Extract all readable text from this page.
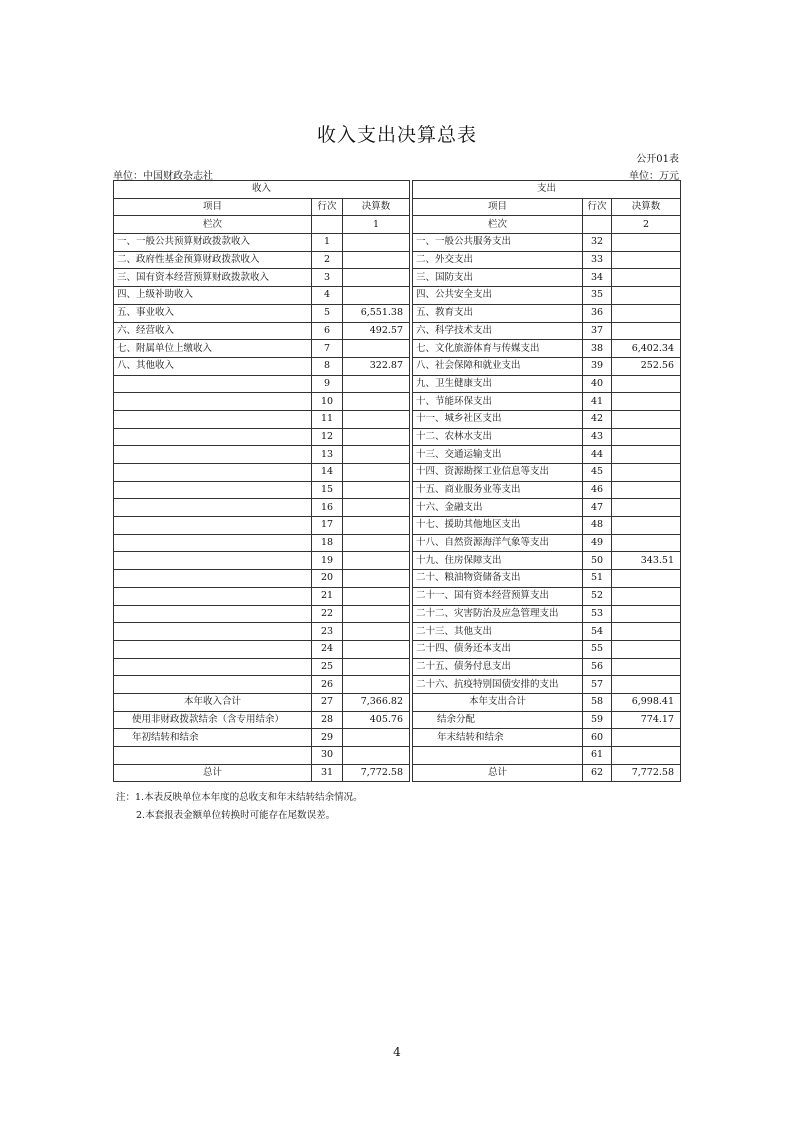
收入支出决算总表
公开01表
单位：中国财政杂志社	单位：万元
收入				支出		
项目	行次	决算数		项目	行次	决算数
栏次		1		栏次		2
一、一般公共预算财政拨款收入	1			一、一般公共服务支出	32	
二、政府性基金预算财政拨款收入	2			二、外交支出	33	
三、国有资本经营预算财政拨款收入	3			三、国防支出	34	
四、上级补助收入	4			四、公共安全支出	35	
五、事业收入	5	6,551.38		五、教育支出	36	
六、经营收入	6	492.57		六、科学技术支出	37	
七、附属单位上缴收入	7			七、文化旅游体育与传媒支出	38	6,402.34
八、其他收入	8	322.87		八、社会保障和就业支出	39	252.56
	9			九、卫生健康支出	40	
	10			十、节能环保支出	41	
	11			十一、城乡社区支出	42	
	12			十二、农林水支出	43	
	13			十三、交通运输支出	44	
	14			十四、资源勘探工业信息等支出	45	
	15			十五、商业服务业等支出	46	
	16			十六、金融支出	47	
	17			十七、援助其他地区支出	48	
	18			十八、自然资源海洋气象等支出	49	
	19			十九、住房保障支出	50	343.51
	20			二十、粮油物资储备支出	51	
	21			二十一、国有资本经营预算支出	52	
	22			二十二、灾害防治及应急管理支出	53	
	23			二十三、其他支出	54	
	24			二十四、债务还本支出	55	
	25			二十五、债务付息支出	56	
	26			二十六、抗疫特别国债安排的支出	57	
本年收入合计	27	7,366.82		本年支出合计	58	6,998.41
使用非财政拨款结余（含专用结余）	28	405.76		结余分配	59	774.17
年初结转和结余	29			年末结转和结余	60	
	30				61	
总计	31	7,772.58		总计	62	7,772.58
注：1.本表反映单位本年度的总收支和年末结转结余情况。
2.本套报表金额单位转换时可能存在尾数误差。
4
